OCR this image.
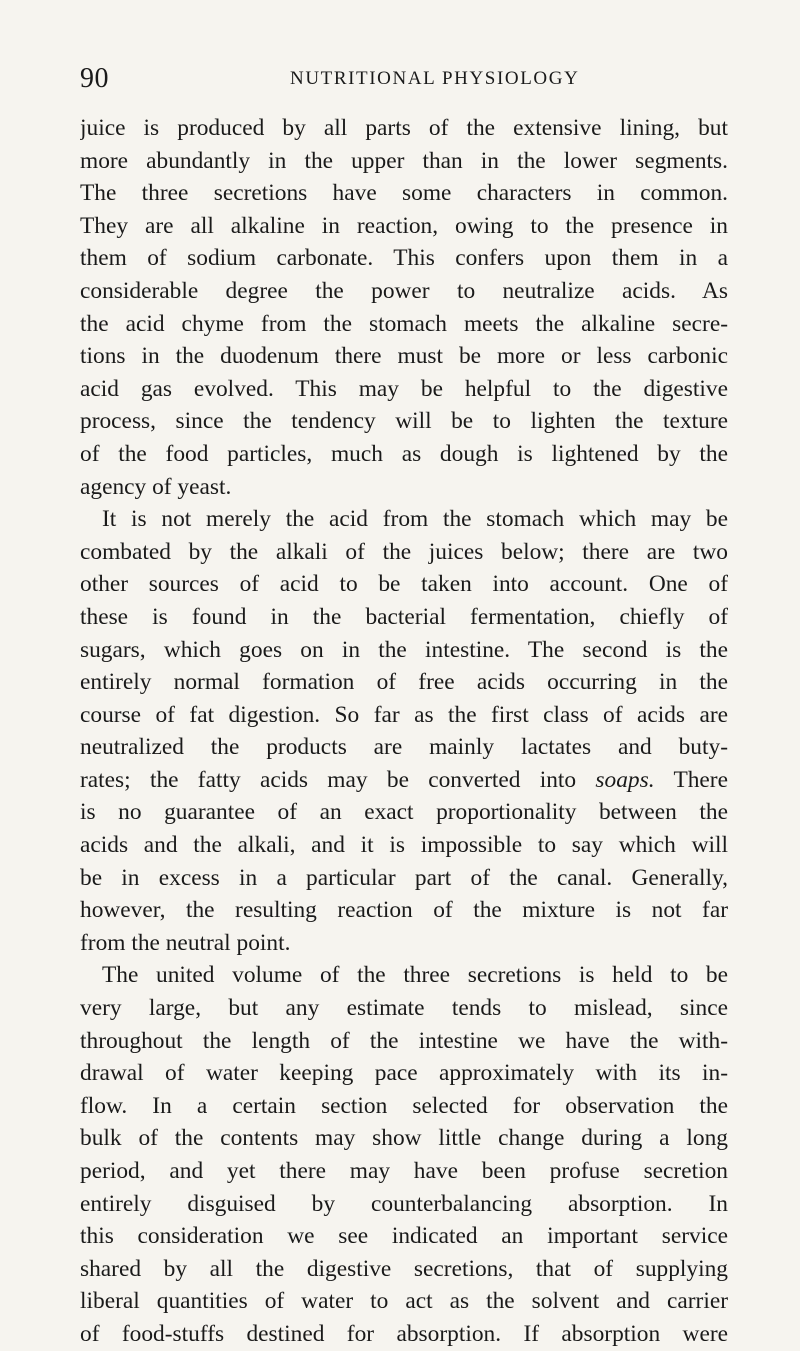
90	NUTRITIONAL PHYSIOLOGY
juice is produced by all parts of the extensive lining, but
more abundantly in the upper than in the lower segments.
The three secretions have some characters in common.
They are all alkaline in reaction, owing to the presence in
them of sodium carbonate. This confers upon them in a
considerable degree the power to neutralize acids. As
the acid chyme from the stomach meets the alkaline secre-
tions in the duodenum there must be more or less carbonic
acid gas evolved. This may be helpful to the digestive
process, since the tendency will be to lighten the texture
of the food particles, much as dough is lightened by the
agency of yeast.
It is not merely the acid from the stomach which may be
combated by the alkali of the juices below; there are two
other sources of acid to be taken into account. One of
these is found in the bacterial fermentation, chiefly of
sugars, which goes on in the intestine. The second is the
entirely normal formation of free acids occurring in the
course of fat digestion. So far as the first class of acids are
neutralized the products are mainly lactates and buty-
rates; the fatty acids may be converted into soaps. There
is no guarantee of an exact proportionality between the
acids and the alkali, and it is impossible to say which will
be in excess in a particular part of the canal. Generally,
however, the resulting reaction of the mixture is not far
from the neutral point.
The united volume of the three secretions is held to be
very large, but any estimate tends to mislead, since
throughout the length of the intestine we have the with-
drawal of water keeping pace approximately with its in-
flow. In a certain section selected for observation the
bulk of the contents may show little change during a long
period, and yet there may have been profuse secretion
entirely disguised by counterbalancing absorption. In
this consideration we see indicated an important service
shared by all the digestive secretions, that of supplying
liberal quantities of water to act as the solvent and carrier
of food-stuffs destined for absorption. If absorption were
